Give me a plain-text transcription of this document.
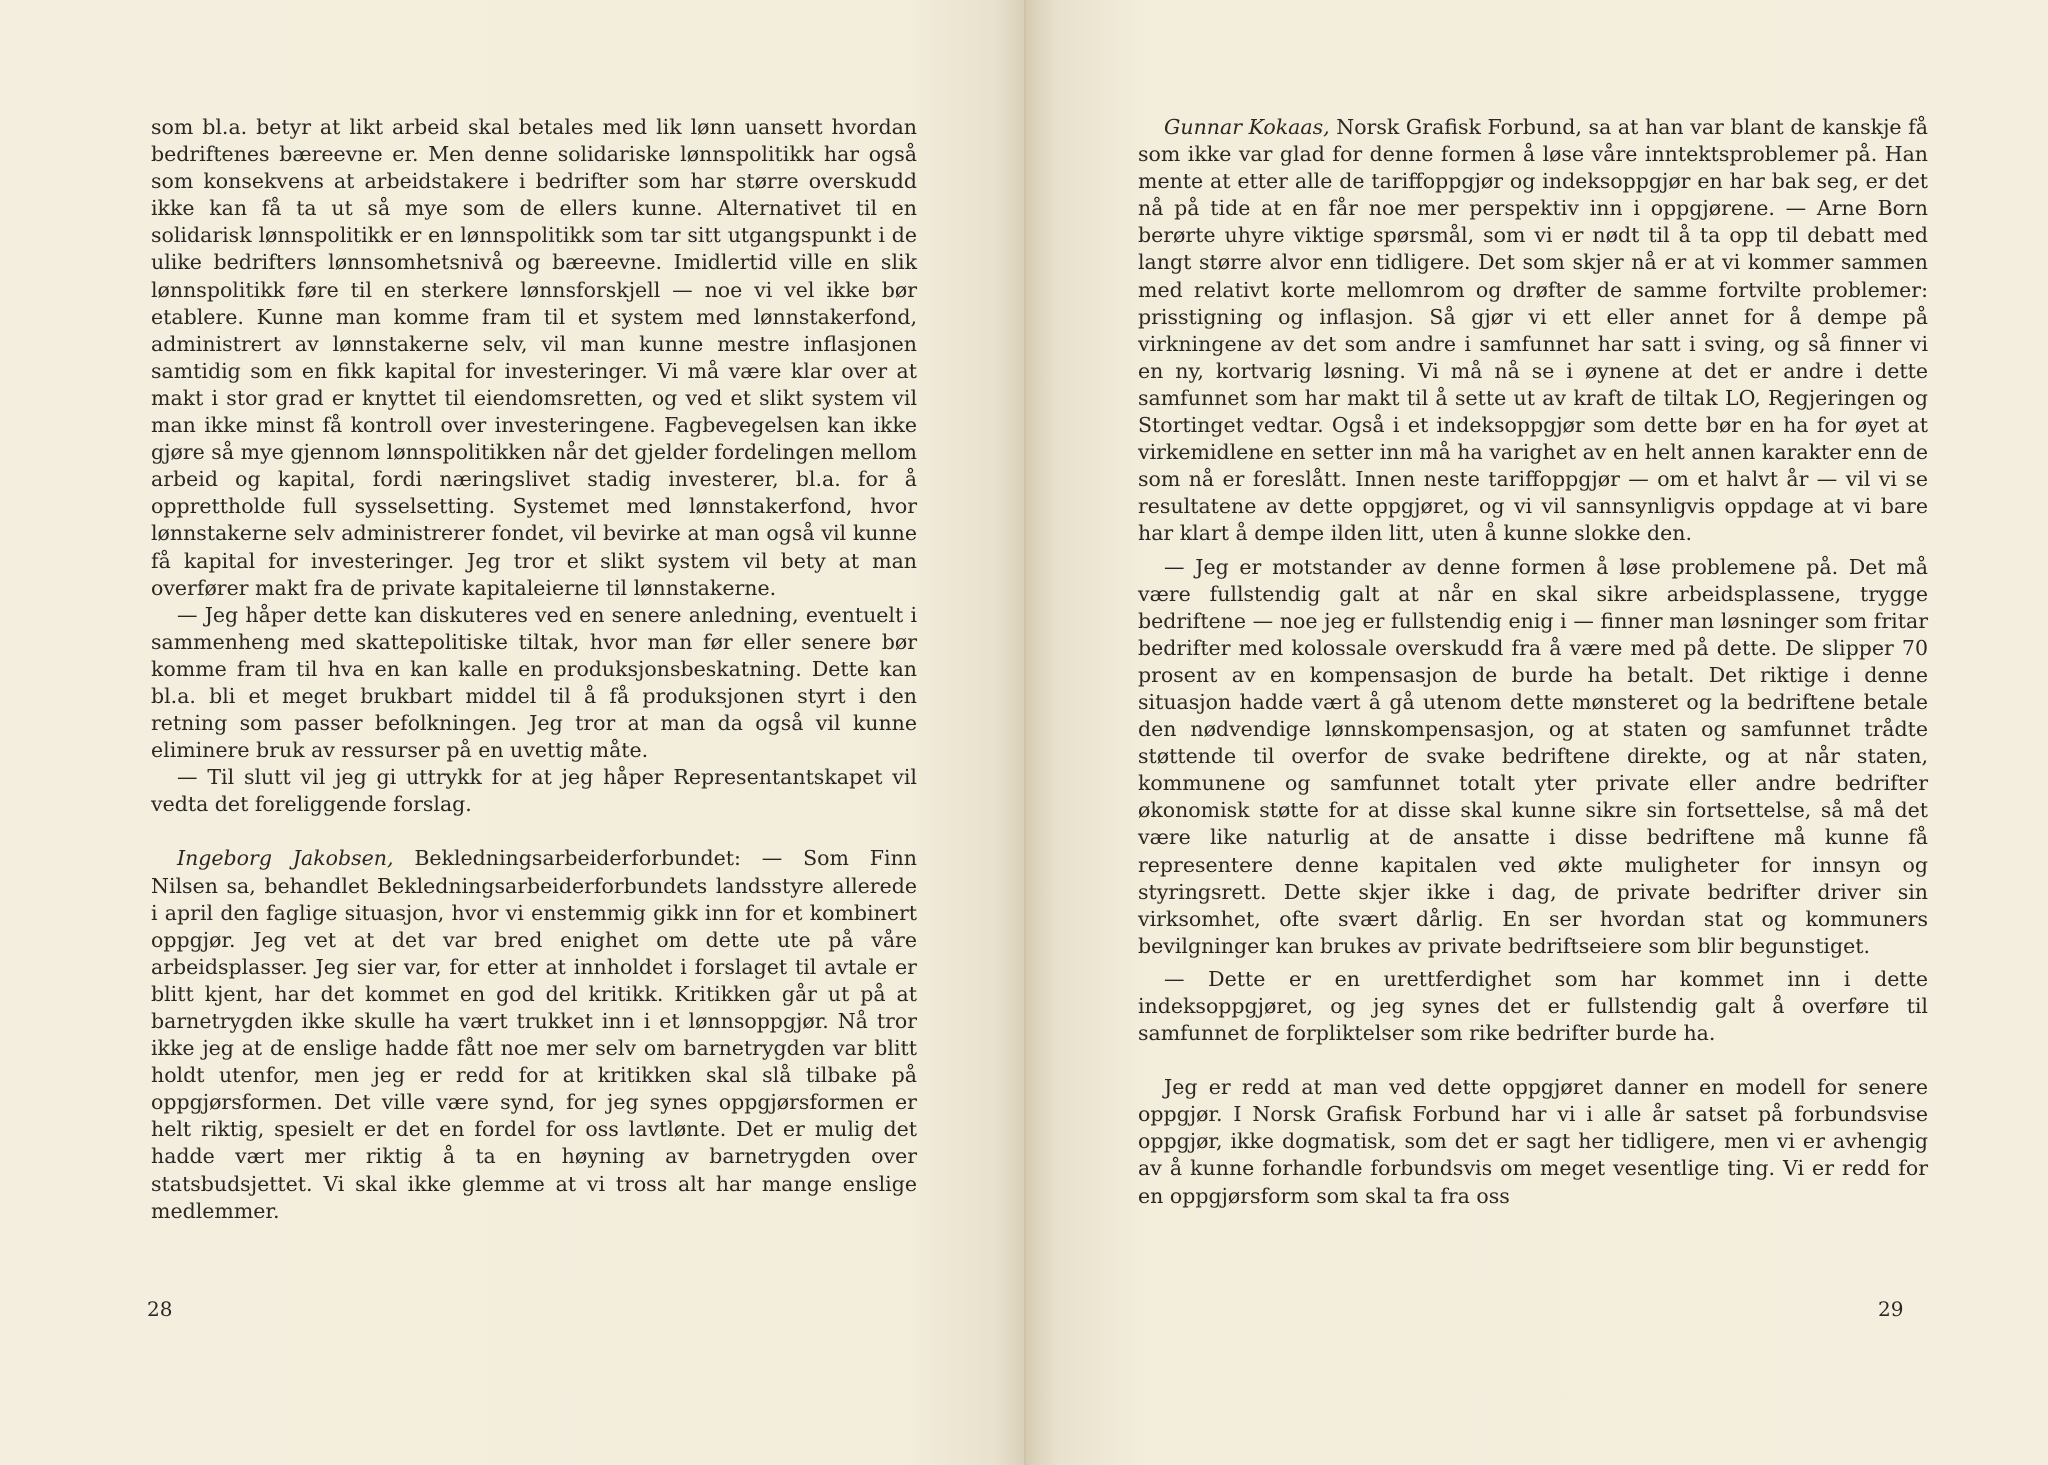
som bl.a. betyr at likt arbeid skal betales med lik lønn uansett hvordan bedriftenes bæreevne er. Men denne solidariske lønnspolitikk har også som konsekvens at arbeidstakere i bedrifter som har større overskudd ikke kan få ta ut så mye som de ellers kunne. Alternativet til en solidarisk lønnspolitikk er en lønnspolitikk som tar sitt utgangspunkt i de ulike bedrifters lønnsomhetsnivå og bæreevne. Imidlertid ville en slik lønnspolitikk føre til en sterkere lønnsforskjell — noe vi vel ikke bør etablere. Kunne man komme fram til et system med lønnstakerfond, administrert av lønnstakerne selv, vil man kunne mestre inflasjonen samtidig som en fikk kapital for investeringer. Vi må være klar over at makt i stor grad er knyttet til eiendomsretten, og ved et slikt system vil man ikke minst få kontroll over investeringene. Fagbevegelsen kan ikke gjøre så mye gjennom lønnspolitikken når det gjelder fordelingen mellom arbeid og kapital, fordi næringslivet stadig investerer, bl.a. for å opprettholde full sysselsetting. Systemet med lønnstakerfond, hvor lønnstakerne selv administrerer fondet, vil bevirke at man også vil kunne få kapital for investeringer. Jeg tror et slikt system vil bety at man overfører makt fra de private kapitaleierne til lønnstakerne.

— Jeg håper dette kan diskuteres ved en senere anledning, eventuelt i sammenheng med skattepolitiske tiltak, hvor man før eller senere bør komme fram til hva en kan kalle en produksjonsbeskatning. Dette kan bl.a. bli et meget brukbart middel til å få produksjonen styrt i den retning som passer befolkningen. Jeg tror at man da også vil kunne eliminere bruk av ressurser på en uvettig måte.

— Til slutt vil jeg gi uttrykk for at jeg håper Representantskapet vil vedta det foreliggende forslag.

Ingeborg Jakobsen, Bekledningsarbeiderforbundet: — Som Finn Nilsen sa, behandlet Bekledningsarbeiderforbundets landsstyre allerede i april den faglige situasjon, hvor vi enstemmig gikk inn for et kombinert oppgjør. Jeg vet at det var bred enighet om dette ute på våre arbeidsplasser. Jeg sier var, for etter at innholdet i forslaget til avtale er blitt kjent, har det kommet en god del kritikk. Kritikken går ut på at barnetrygden ikke skulle ha vært trukket inn i et lønnsoppgjør. Nå tror ikke jeg at de enslige hadde fått noe mer selv om barnetrygden var blitt holdt utenfor, men jeg er redd for at kritikken skal slå tilbake på oppgjørsformen. Det ville være synd, for jeg synes oppgjørsformen er helt riktig, spesielt er det en fordel for oss lavtlønte. Det er mulig det hadde vært mer riktig å ta en høyning av barnetrygden over statsbudsjettet. Vi skal ikke glemme at vi tross alt har mange enslige medlemmer.

28

Gunnar Kokaas, Norsk Grafisk Forbund, sa at han var blant de kanskje få som ikke var glad for denne formen å løse våre inntektsproblemer på. Han mente at etter alle de tariffoppgjør og indeksoppgjør en har bak seg, er det nå på tide at en får noe mer perspektiv inn i oppgjørene. — Arne Born berørte uhyre viktige spørsmål, som vi er nødt til å ta opp til debatt med langt større alvor enn tidligere. Det som skjer nå er at vi kommer sammen med relativt korte mellomrom og drøfter de samme fortvilte problemer: prisstigning og inflasjon. Så gjør vi ett eller annet for å dempe på virkningene av det som andre i samfunnet har satt i sving, og så finner vi en ny, kortvarig løsning. Vi må nå se i øynene at det er andre i dette samfunnet som har makt til å sette ut av kraft de tiltak LO, Regjeringen og Stortinget vedtar. Også i et indeksoppgjør som dette bør en ha for øyet at virkemidlene en setter inn må ha varighet av en helt annen karakter enn de som nå er foreslått. Innen neste tariffoppgjør — om et halvt år — vil vi se resultatene av dette oppgjøret, og vi vil sannsynligvis oppdage at vi bare har klart å dempe ilden litt, uten å kunne slokke den.

— Jeg er motstander av denne formen å løse problemene på. Det må være fullstendig galt at når en skal sikre arbeidsplassene, trygge bedriftene — noe jeg er fullstendig enig i — finner man løsninger som fritar bedrifter med kolossale overskudd fra å være med på dette. De slipper 70 prosent av en kompensasjon de burde ha betalt. Det riktige i denne situasjon hadde vært å gå utenom dette mønsteret og la bedriftene betale den nødvendige lønnskompensasjon, og at staten og samfunnet trådte støttende til overfor de svake bedriftene direkte, og at når staten, kommunene og samfunnet totalt yter private eller andre bedrifter økonomisk støtte for at disse skal kunne sikre sin fortsettelse, så må det være like naturlig at de ansatte i disse bedriftene må kunne få representere denne kapitalen ved økte muligheter for innsyn og styringsrett. Dette skjer ikke i dag, de private bedrifter driver sin virksomhet, ofte svært dårlig. En ser hvordan stat og kommuners bevilgninger kan brukes av private bedriftseiere som blir begunstiget.

— Dette er en urettferdighet som har kommet inn i dette indeksoppgjøret, og jeg synes det er fullstendig galt å overføre til samfunnet de forpliktelser som rike bedrifter burde ha.

Jeg er redd at man ved dette oppgjøret danner en modell for senere oppgjør. I Norsk Grafisk Forbund har vi i alle år satset på forbundsvise oppgjør, ikke dogmatisk, som det er sagt her tidligere, men vi er avhengig av å kunne forhandle forbundsvis om meget vesentlige ting. Vi er redd for en oppgjørsform som skal ta fra oss

29
